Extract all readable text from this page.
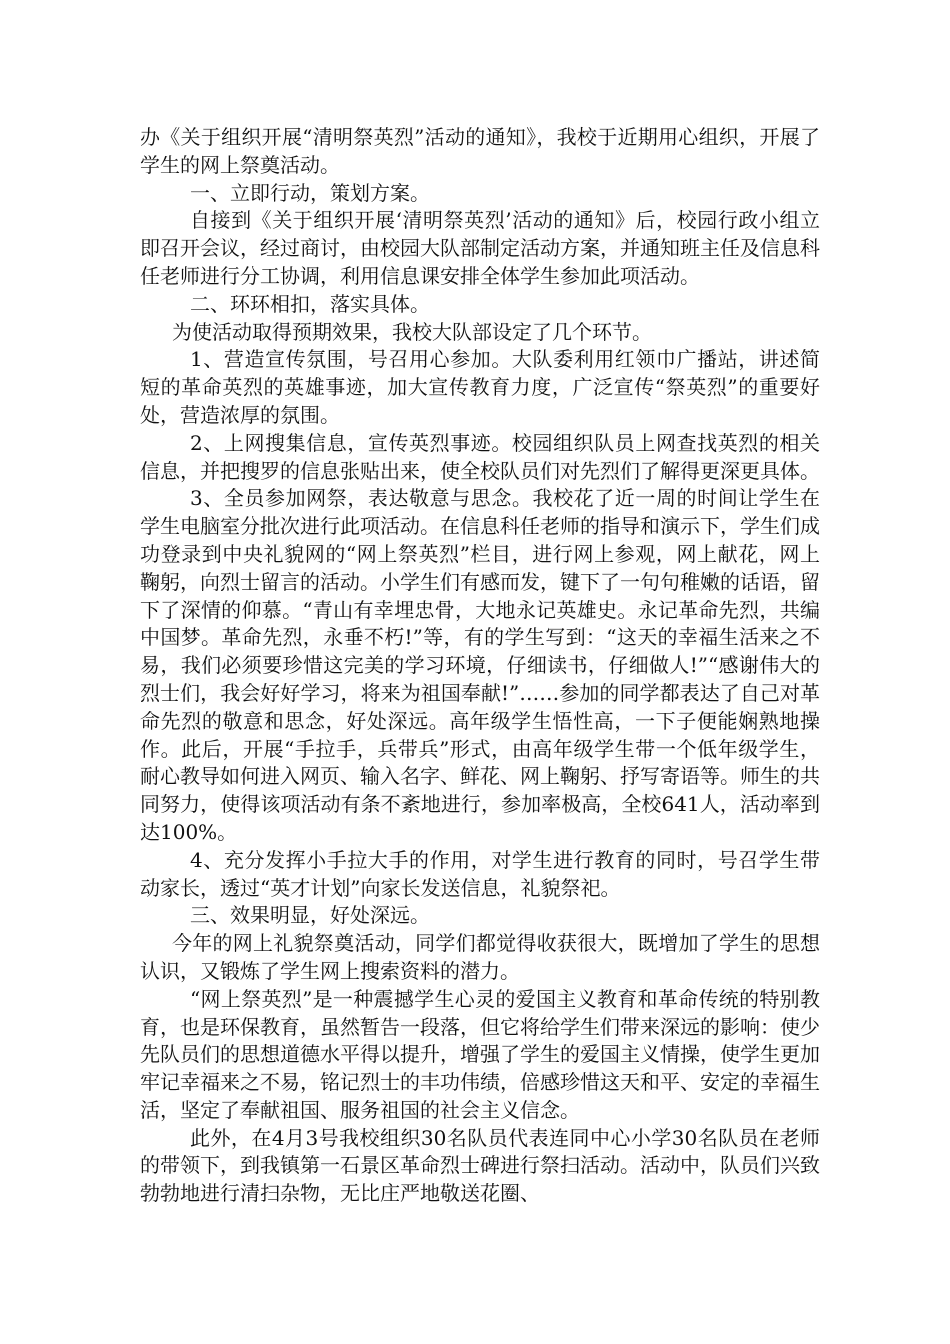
办《关于组织开展“清明祭英烈”活动的通知》，我校于近期用心组织，开展了学生的网上祭奠活动。

一、立即行动，策划方案。

自接到《关于组织开展‘清明祭英烈’活动的通知》后，校园行政小组立即召开会议，经过商讨，由校园大队部制定活动方案，并通知班主任及信息科任老师进行分工协调，利用信息课安排全体学生参加此项活动。

二、环环相扣，落实具体。

为使活动取得预期效果，我校大队部设定了几个环节。

1、营造宣传氛围，号召用心参加。大队委利用红领巾广播站，讲述简短的革命英烈的英雄事迹，加大宣传教育力度，广泛宣传“祭英烈”的重要好处，营造浓厚的氛围。

2、上网搜集信息，宣传英烈事迹。校园组织队员上网查找英烈的相关信息，并把搜罗的信息张贴出来，使全校队员们对先烈们了解得更深更具体。

3、全员参加网祭，表达敬意与思念。我校花了近一周的时间让学生在学生电脑室分批次进行此项活动。在信息科任老师的指导和演示下，学生们成功登录到中央礼貌网的“网上祭英烈”栏目，进行网上参观，网上献花，网上鞠躬，向烈士留言的活动。小学生们有感而发，键下了一句句稚嫩的话语，留下了深情的仰慕。“青山有幸埋忠骨，大地永记英雄史。永记革命先烈，共编中国梦。革命先烈，永垂不朽!”等，有的学生写到：“这天的幸福生活来之不易，我们必须要珍惜这完美的学习环境，仔细读书，仔细做人!”“感谢伟大的烈士们，我会好好学习，将来为祖国奉献!”……参加的同学都表达了自己对革命先烈的敬意和思念，好处深远。高年级学生悟性高，一下子便能娴熟地操作。此后，开展“手拉手，兵带兵”形式，由高年级学生带一个低年级学生，耐心教导如何进入网页、输入名字、鲜花、网上鞠躬、抒写寄语等。师生的共同努力，使得该项活动有条不紊地进行，参加率极高，全校641人，活动率到达100%。

4、充分发挥小手拉大手的作用，对学生进行教育的同时，号召学生带动家长，透过“英才计划”向家长发送信息，礼貌祭祀。

三、效果明显，好处深远。

今年的网上礼貌祭奠活动，同学们都觉得收获很大，既增加了学生的思想认识，又锻炼了学生网上搜索资料的潜力。

“网上祭英烈”是一种震撼学生心灵的爱国主义教育和革命传统的特别教育，也是环保教育，虽然暂告一段落，但它将给学生们带来深远的影响：使少先队员们的思想道德水平得以提升，增强了学生的爱国主义情操，使学生更加牢记幸福来之不易，铭记烈士的丰功伟绩，倍感珍惜这天和平、安定的幸福生活，坚定了奉献祖国、服务祖国的社会主义信念。

此外，在4月3号我校组织30名队员代表连同中心小学30名队员在老师的带领下，到我镇第一石景区革命烈士碑进行祭扫活动。活动中，队员们兴致勃勃地进行清扫杂物，无比庄严地敬送花圈、
